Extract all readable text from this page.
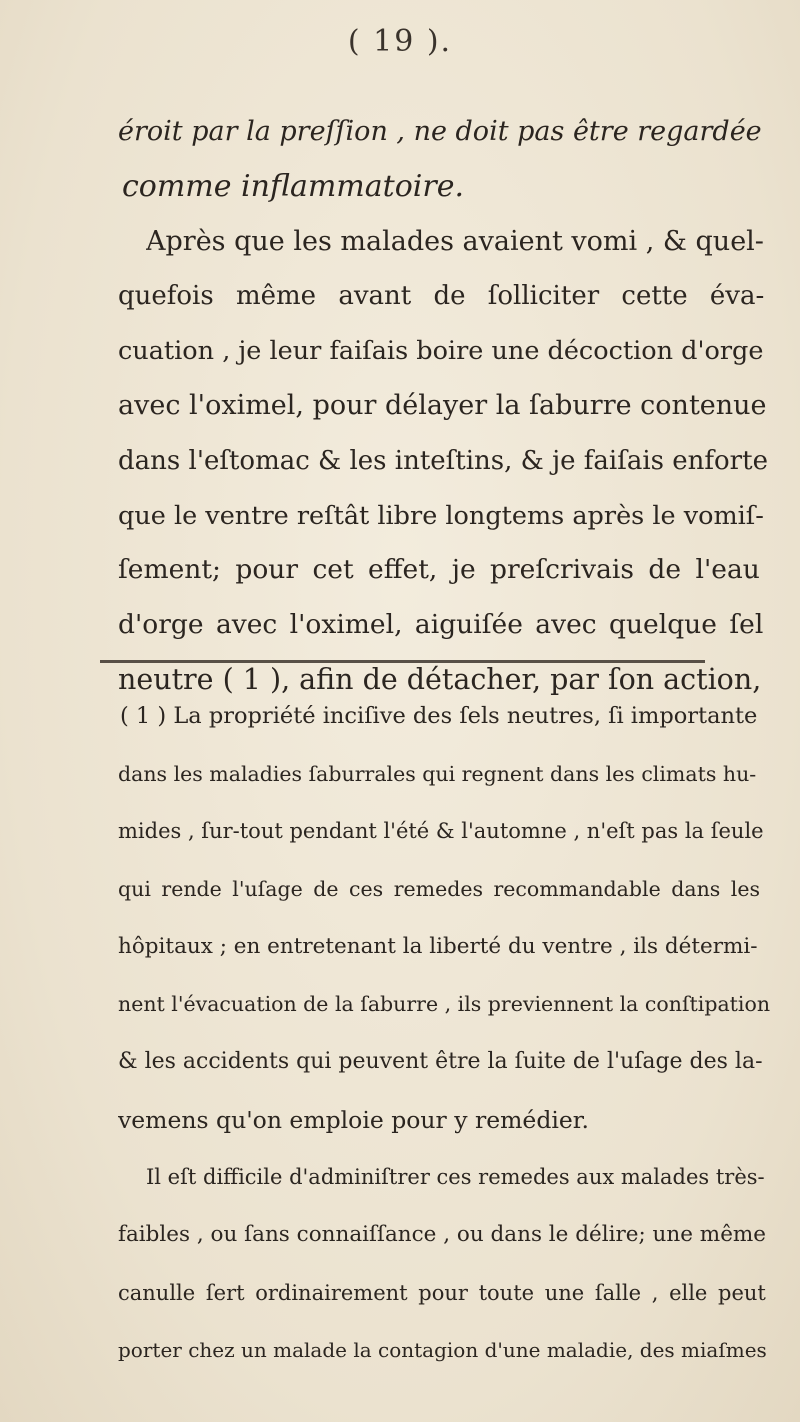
( 19 ).
éroit par la preſſion , ne doit pas être regardée
comme inflammatoire.
Après que les malades avaient vomi , & quel-
quefois même avant de ſolliciter cette éva-
cuation , je leur faiſais boire une décoction d'orge
avec l'oximel, pour délayer la ſaburre contenue
dans l'eſtomac & les inteſtins, & je faiſais enforte
que le ventre reſtât libre longtems après le vomiſ-
ſement; pour cet effet, je preſcrivais de l'eau
d'orge avec l'oximel, aiguiſée avec quelque ſel
neutre ( 1 ), afin de détacher, par ſon action,
( 1 ) La propriété inciſive des ſels neutres, ſi importante
dans les maladies ſaburrales qui regnent dans les climats hu-
mides , ſur-tout pendant l'été & l'automne , n'eſt pas la ſeule
qui rende l'uſage de ces remedes recommandable dans les
hôpitaux ; en entretenant la liberté du ventre , ils détermi-
nent l'évacuation de la ſaburre , ils previennent la conſtipation
& les accidents qui peuvent être la ſuite de l'uſage des la-
vemens qu'on emploie pour y remédier.
Il eſt difficile d'adminiſtrer ces remedes aux malades très-
faibles , ou ſans connaiſſance , ou dans le délire; une même
canulle ſert ordinairement pour toute une ſalle , elle peut
porter chez un malade la contagion d'une maladie, des miaſmes
